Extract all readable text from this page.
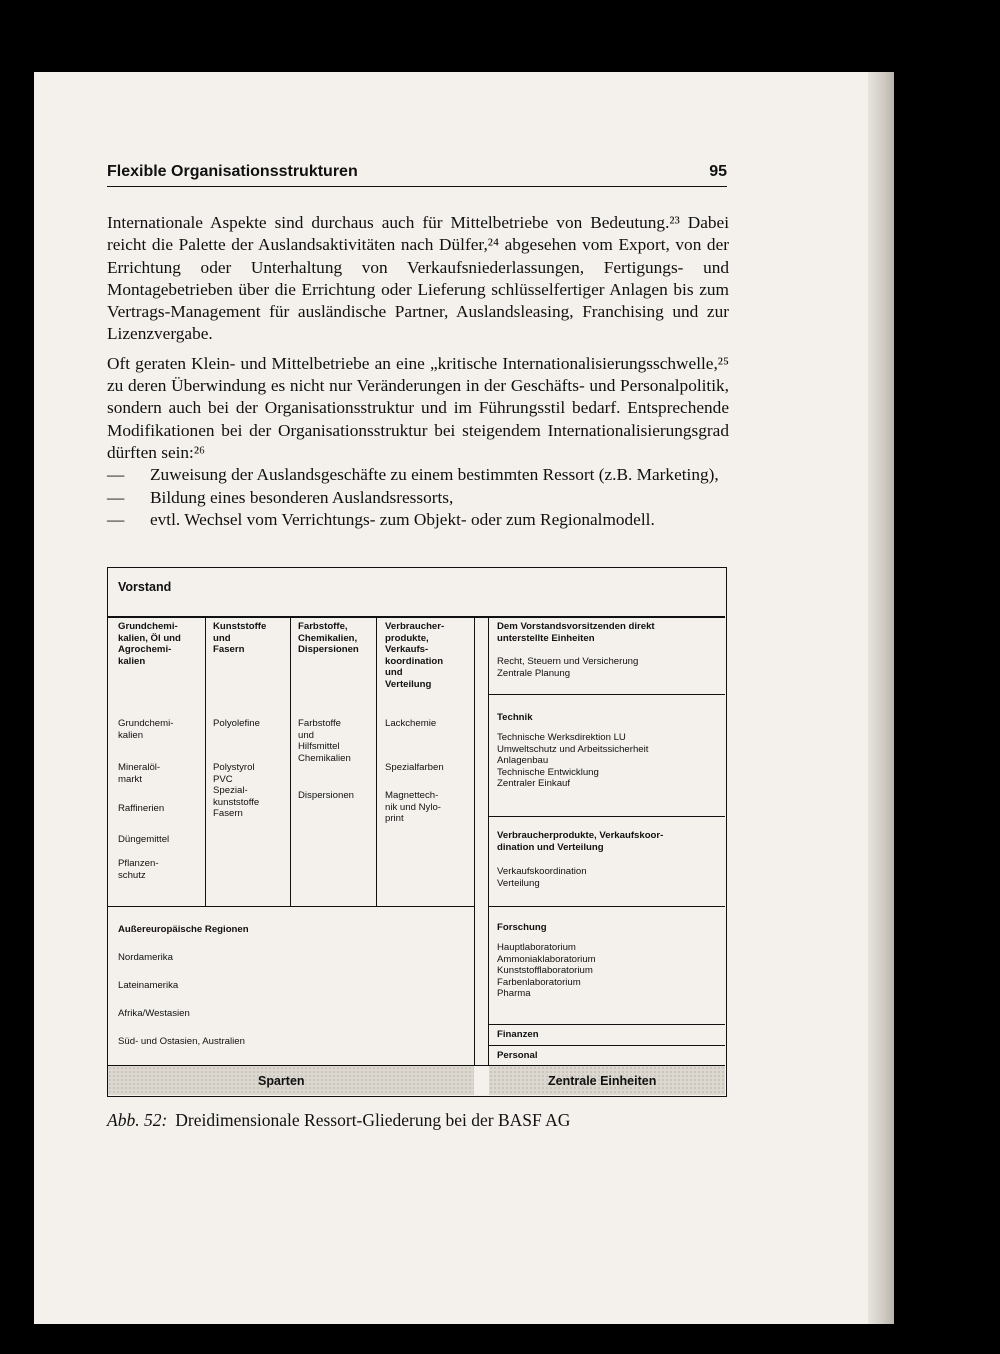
Flexible Organisationsstrukturen	95

Internationale Aspekte sind durchaus auch für Mittelbetriebe von Bedeutung.²³ Dabei reicht die Palette der Auslandsaktivitäten nach Dülfer,²⁴ abgesehen vom Export, von der Errichtung oder Unterhaltung von Verkaufsniederlassungen, Fertigungs- und Montagebetrieben über die Errichtung oder Lieferung schlüsselfertiger Anlagen bis zum Vertrags-Management für ausländische Partner, Auslandsleasing, Franchising und zur Lizenzvergabe.

Oft geraten Klein- und Mittelbetriebe an eine „kritische Internationalisierungsschwelle,²⁵ zu deren Überwindung es nicht nur Veränderungen in der Geschäfts- und Personalpolitik, sondern auch bei der Organisationsstruktur und im Führungsstil bedarf. Entsprechende Modifikationen bei der Organisationsstruktur bei steigendem Internationalisierungsgrad dürften sein:²⁶

— Zuweisung der Auslandsgeschäfte zu einem bestimmten Ressort (z.B. Marketing),
— Bildung eines besonderen Auslandsressorts,
— evtl. Wechsel vom Verrichtungs- zum Objekt- oder zum Regionalmodell.
Vorstand
Grundchemi-
kalien, Öl und
Agrochemi-
kalien
Kunststoffe
und
Fasern
Farbstoffe,
Chemikalien,
Dispersionen
Verbraucher-
produkte,
Verkaufs-
koordination
und
Verteilung
Grundchemi-
kalien
Mineralöl-
markt
Raffinerien
Düngemittel
Pflanzen-
schutz
Polyolefine
Polystyrol
PVC
Spezial-
kunststoffe
Fasern
Farbstoffe
und
Hilfsmittel
Chemikalien
Dispersionen
Lackchemie
Spezialfarben
Magnettech-
nik und Nylo-
print
Außereuropäische Regionen
Nordamerika
Lateinamerika
Afrika/Westasien
Süd- und Ostasien, Australien
Dem Vorstandsvorsitzenden direkt
unterstellte Einheiten
Recht, Steuern und Versicherung
Zentrale Planung
Technik
Technische Werksdirektion LU
Umweltschutz und Arbeitssicherheit
Anlagenbau
Technische Entwicklung
Zentraler Einkauf
Verbraucherprodukte, Verkaufskoor-
dination und Verteilung
Verkaufskoordination
Verteilung
Forschung
Hauptlaboratorium
Ammoniaklaboratorium
Kunststofflaboratorium
Farbenlaboratorium
Pharma
Finanzen
Personal
Sparten	Zentrale Einheiten
Abb. 52: Dreidimensionale Ressort-Gliederung bei der BASF AG
